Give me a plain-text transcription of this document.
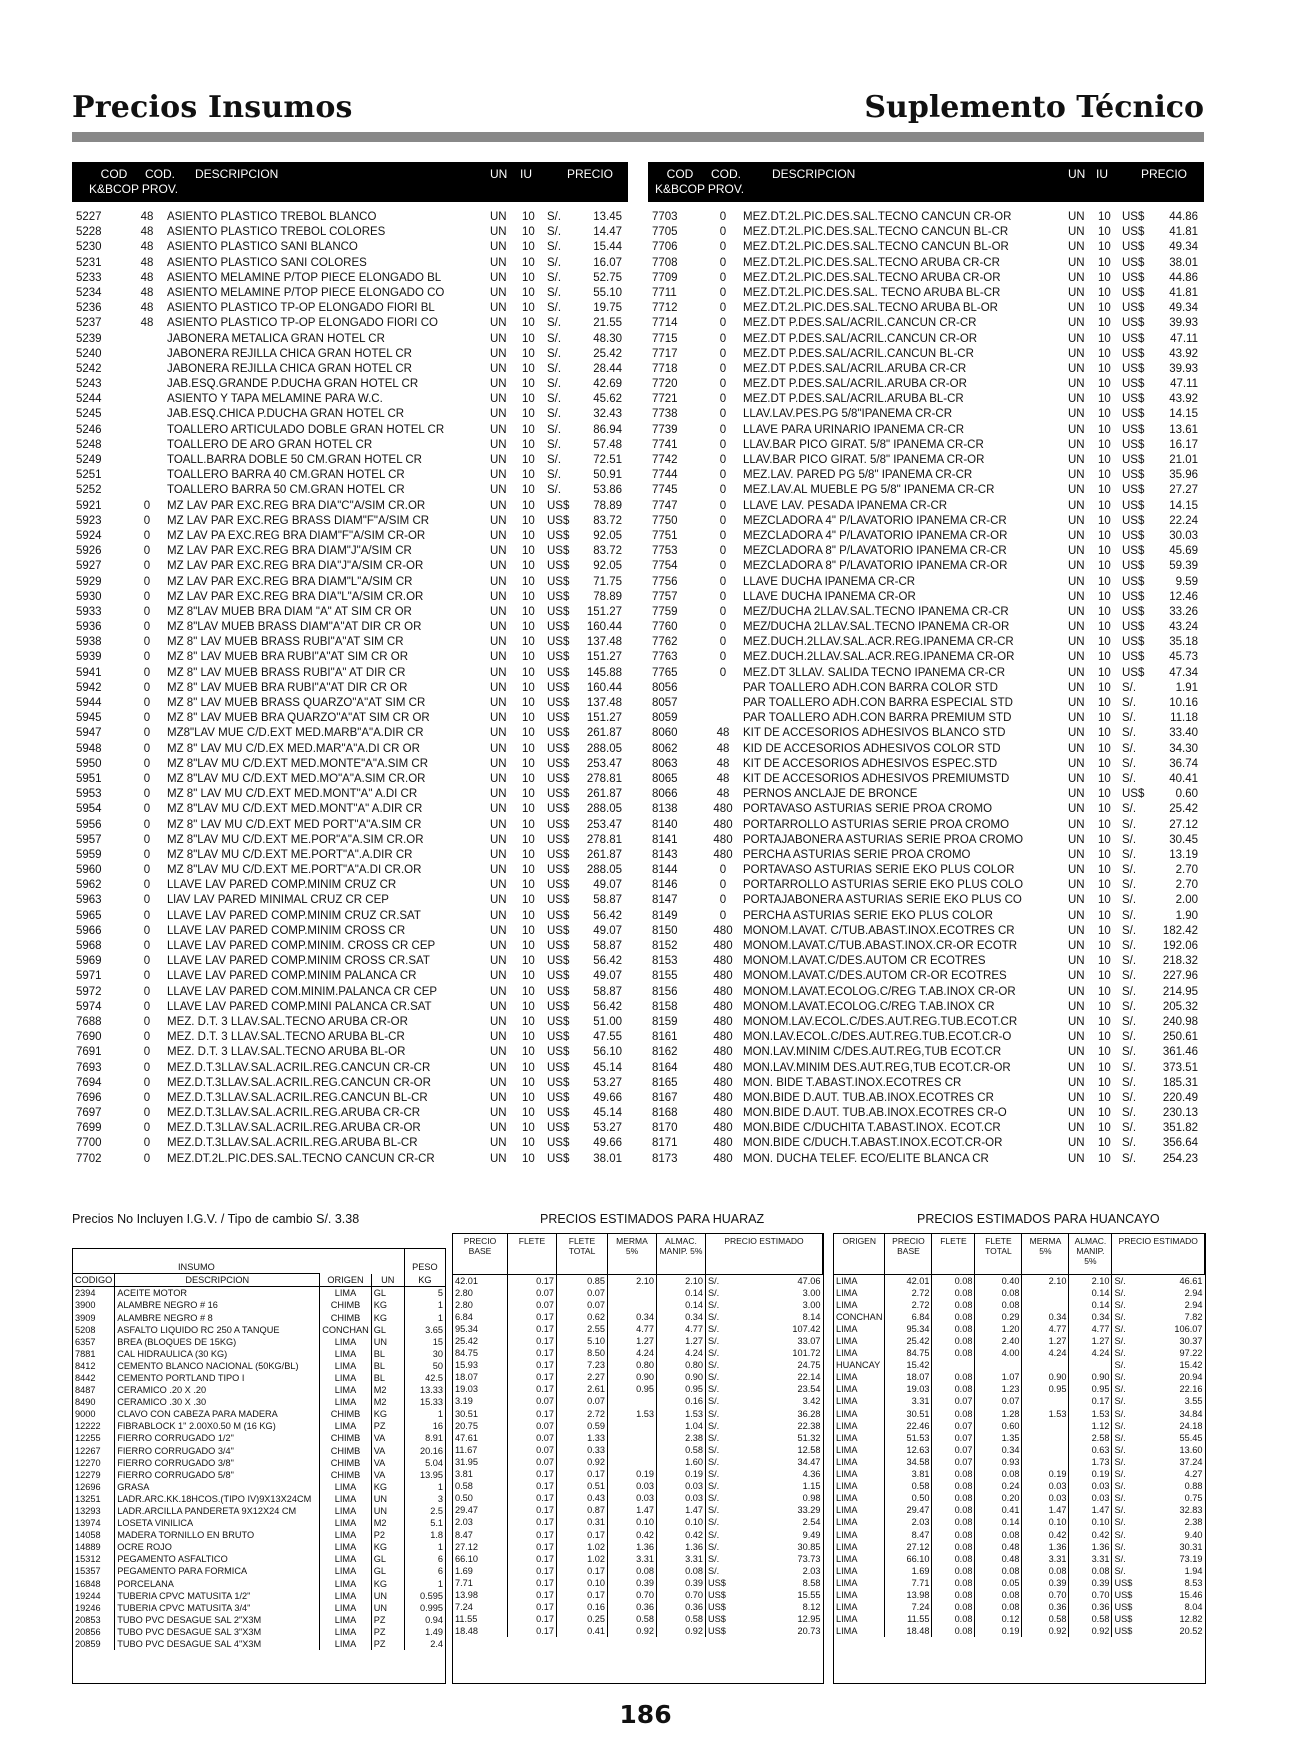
Precios Insumos	Suplemento Técnico
COD
K&BCOP
COD.
PROV.
DESCRIPCION	UN IU	PRECIO
5227	48	ASIENTO PLASTICO TREBOL BLANCO	UN 10 S/.	13.45
5228	48	ASIENTO PLASTICO TREBOL COLORES	UN 10 S/.	14.47
5230	48	ASIENTO PLASTICO SANI BLANCO	UN 10 S/.	15.44
5231	48	ASIENTO PLASTICO SANI COLORES	UN 10 S/.	16.07
5233	48	ASIENTO MELAMINE P/TOP PIECE ELONGADO BL	UN 10 S/.	52.75
5234	48	ASIENTO MELAMINE P/TOP PIECE ELONGADO CO	UN 10 S/.	55.10
5236	48	ASIENTO PLASTICO TP-OP ELONGADO FIORI BL	UN 10 S/.	19.75
5237	48	ASIENTO PLASTICO TP-OP ELONGADO FIORI CO	UN 10 S/.	21.55
5239	JABONERA METALICA GRAN HOTEL CR	UN 10 S/.	48.30
5240	JABONERA REJILLA CHICA GRAN HOTEL CR	UN 10 S/.	25.42
5242	JABONERA REJILLA CHICA GRAN HOTEL CR	UN 10 S/.	28.44
5243	JAB.ESQ.GRANDE P.DUCHA GRAN HOTEL CR	UN 10 S/.	42.69
5244	ASIENTO Y TAPA MELAMINE PARA W.C.	UN 10 S/.	45.62
5245	JAB.ESQ.CHICA P.DUCHA GRAN HOTEL CR	UN 10 S/.	32.43
5246	TOALLERO ARTICULADO DOBLE GRAN HOTEL CR	UN 10 S/.	86.94
5248	TOALLERO DE ARO GRAN HOTEL CR	UN 10 S/.	57.48
5249	TOALL.BARRA DOBLE 50 CM.GRAN HOTEL CR	UN 10 S/.	72.51
5251	TOALLERO BARRA 40 CM.GRAN HOTEL CR	UN 10 S/.	50.91
5252	TOALLERO BARRA 50 CM.GRAN HOTEL CR	UN 10 S/.	53.86
5921	0	MZ LAV PAR EXC.REG BRA DIA"C"A/SIM CR.OR	UN 10 US$	78.89
5923	0	MZ LAV PAR EXC.REG BRASS DIAM"F"A/SIM CR	UN 10 US$	83.72
5924	0	MZ LAV PA EXC.REG BRA DIAM"F"A/SIM CR-OR	UN 10 US$	92.05
5926	0	MZ LAV PAR EXC.REG BRA DIAM"J"A/SIM CR	UN 10 US$	83.72
5927	0	MZ LAV PAR EXC.REG BRA DIA"J"A/SIM CR-OR	UN 10 US$	92.05
5929	0	MZ LAV PAR EXC.REG BRA DIAM"L"A/SIM CR	UN 10 US$	71.75
5930	0	MZ LAV PAR EXC.REG BRA DIA"L"A/SIM CR.OR	UN 10 US$	78.89
5933	0	MZ 8"LAV MUEB BRA DIAM "A" AT SIM CR OR	UN 10 US$	151.27
5936	0	MZ 8"LAV MUEB BRASS DIAM"A"AT DIR CR OR	UN 10 US$	160.44
5938	0	MZ 8" LAV MUEB BRASS RUBI"A"AT SIM CR	UN 10 US$	137.48
5939	0	MZ 8" LAV MUEB BRA RUBI"A"AT SIM CR OR	UN 10 US$	151.27
5941	0	MZ 8" LAV MUEB BRASS RUBI"A" AT DIR CR	UN 10 US$	145.88
5942	0	MZ 8" LAV MUEB BRA RUBI"A"AT DIR CR OR	UN 10 US$	160.44
5944	0	MZ 8" LAV MUEB BRASS QUARZO"A"AT SIM CR	UN 10 US$	137.48
5945	0	MZ 8" LAV MUEB BRA QUARZO"A"AT SIM CR OR	UN 10 US$	151.27
5947	0	MZ8"LAV MUE C/D.EXT MED.MARB"A"A.DIR CR	UN 10 US$	261.87
5948	0	MZ 8" LAV MU C/D.EX MED.MAR"A"A.DI CR OR	UN 10 US$	288.05
5950	0	MZ 8"LAV MU C/D.EXT MED.MONTE"A"A.SIM CR	UN 10 US$	253.47
5951	0	MZ 8"LAV MU C/D.EXT MED.MO"A"A.SIM CR.OR	UN 10 US$	278.81
5953	0	MZ 8" LAV MU C/D.EXT MED.MONT"A" A.DI CR	UN 10 US$	261.87
5954	0	MZ 8"LAV MU C/D.EXT MED.MONT"A" A.DIR CR	UN 10 US$	288.05
5956	0	MZ 8" LAV MU C/D.EXT MED PORT"A"A.SIM CR	UN 10 US$	253.47
5957	0	MZ 8"LAV MU C/D.EXT ME.POR"A"A.SIM CR.OR	UN 10 US$	278.81
5959	0	MZ 8"LAV MU C/D.EXT ME.PORT"A".A.DIR CR	UN 10 US$	261.87
5960	0	MZ 8"LAV MU C/D.EXT ME.PORT"A"A.DI CR.OR	UN 10 US$	288.05
5962	0	LLAVE LAV PARED COMP.MINIM CRUZ CR	UN 10 US$	49.07
5963	0	LlAV LAV PARED MINIMAL CRUZ CR CEP	UN 10 US$	58.87
5965	0	LLAVE LAV PARED COMP.MINIM CRUZ CR.SAT	UN 10 US$	56.42
5966	0	LLAVE LAV PARED COMP.MINIM CROSS CR	UN 10 US$	49.07
5968	0	LLAVE LAV PARED COMP.MINIM. CROSS CR CEP	UN 10 US$	58.87
5969	0	LLAVE LAV PARED COMP.MINIM CROSS CR.SAT	UN 10 US$	56.42
5971	0	LLAVE LAV PARED COMP.MINIM PALANCA CR	UN 10 US$	49.07
5972	0	LLAVE LAV PARED COM.MINIM.PALANCA CR CEP	UN 10 US$	58.87
5974	0	LLAVE LAV PARED COMP.MINI PALANCA CR.SAT	UN 10 US$	56.42
7688	0	MEZ. D.T. 3 LLAV.SAL.TECNO ARUBA CR-OR	UN 10 US$	51.00
7690	0	MEZ. D.T. 3 LLAV.SAL.TECNO ARUBA BL-CR	UN 10 US$	47.55
7691	0	MEZ. D.T. 3 LLAV.SAL.TECNO ARUBA BL-OR	UN 10 US$	56.10
7693	0	MEZ.D.T.3LLAV.SAL.ACRIL.REG.CANCUN CR-CR	UN 10 US$	45.14
7694	0	MEZ.D.T.3LLAV.SAL.ACRIL.REG.CANCUN CR-OR	UN 10 US$	53.27
7696	0	MEZ.D.T.3LLAV.SAL.ACRIL.REG.CANCUN BL-CR	UN 10 US$	49.66
7697	0	MEZ.D.T.3LLAV.SAL.ACRIL.REG.ARUBA CR-CR	UN 10 US$	45.14
7699	0	MEZ.D.T.3LLAV.SAL.ACRIL.REG.ARUBA CR-OR	UN 10 US$	53.27
7700	0	MEZ.D.T.3LLAV.SAL.ACRIL.REG.ARUBA BL-CR	UN 10 US$	49.66
7702	0	MEZ.DT.2L.PIC.DES.SAL.TECNO CANCUN CR-CR	UN 10 US$	38.01
COD
K&BCOP
COD.
PROV.
DESCRIPCION	UN IU	PRECIO
7703	0	MEZ.DT.2L.PIC.DES.SAL.TECNO CANCUN CR-OR	UN 10 US$	44.86
7705	0	MEZ.DT.2L.PIC.DES.SAL.TECNO CANCUN BL-CR	UN 10 US$	41.81
7706	0	MEZ.DT.2L.PIC.DES.SAL.TECNO CANCUN BL-OR	UN 10 US$	49.34
7708	0	MEZ.DT.2L.PIC.DES.SAL.TECNO ARUBA CR-CR	UN 10 US$	38.01
7709	0	MEZ.DT.2L.PIC.DES.SAL.TECNO ARUBA CR-OR	UN 10 US$	44.86
7711	0	MEZ.DT.2L.PIC.DES.SAL. TECNO ARUBA BL-CR	UN 10 US$	41.81
7712	0	MEZ.DT.2L.PIC.DES.SAL.TECNO ARUBA BL-OR	UN 10 US$	49.34
7714	0	MEZ.DT P.DES.SAL/ACRIL.CANCUN CR-CR	UN 10 US$	39.93
7715	0	MEZ.DT P.DES.SAL/ACRIL.CANCUN CR-OR	UN 10 US$	47.11
7717	0	MEZ.DT P.DES.SAL/ACRIL.CANCUN BL-CR	UN 10 US$	43.92
7718	0	MEZ.DT P.DES.SAL/ACRIL.ARUBA CR-CR	UN 10 US$	39.93
7720	0	MEZ.DT P.DES.SAL/ACRIL.ARUBA CR-OR	UN 10 US$	47.11
7721	0	MEZ.DT P.DES.SAL/ACRIL.ARUBA BL-CR	UN 10 US$	43.92
7738	0	LLAV.LAV.PES.PG 5/8"IPANEMA CR-CR	UN 10 US$	14.15
7739	0	LLAVE PARA URINARIO IPANEMA CR-CR	UN 10 US$	13.61
7741	0	LLAV.BAR PICO GIRAT. 5/8" IPANEMA CR-CR	UN 10 US$	16.17
7742	0	LLAV.BAR PICO GIRAT. 5/8" IPANEMA CR-OR	UN 10 US$	21.01
7744	0	MEZ.LAV. PARED PG 5/8" IPANEMA CR-CR	UN 10 US$	35.96
7745	0	MEZ.LAV.AL MUEBLE PG 5/8" IPANEMA CR-CR	UN 10 US$	27.27
7747	0	LLAVE LAV. PESADA IPANEMA CR-CR	UN 10 US$	14.15
7750	0	MEZCLADORA 4" P/LAVATORIO IPANEMA CR-CR	UN 10 US$	22.24
7751	0	MEZCLADORA 4" P/LAVATORIO IPANEMA CR-OR	UN 10 US$	30.03
7753	0	MEZCLADORA 8" P/LAVATORIO IPANEMA CR-CR	UN 10 US$	45.69
7754	0	MEZCLADORA 8" P/LAVATORIO IPANEMA CR-OR	UN 10 US$	59.39
7756	0	LLAVE DUCHA IPANEMA CR-CR	UN 10 US$	9.59
7757	0	LLAVE DUCHA IPANEMA CR-OR	UN 10 US$	12.46
7759	0	MEZ/DUCHA 2LLAV.SAL.TECNO IPANEMA CR-CR	UN 10 US$	33.26
7760	0	MEZ/DUCHA 2LLAV.SAL.TECNO IPANEMA CR-OR	UN 10 US$	43.24
7762	0	MEZ.DUCH.2LLAV.SAL.ACR.REG.IPANEMA CR-CR	UN 10 US$	35.18
7763	0	MEZ.DUCH.2LLAV.SAL.ACR.REG.IPANEMA CR-OR	UN 10 US$	45.73
7765	0	MEZ.DT 3LLAV. SALIDA TECNO IPANEMA CR-CR	UN 10 US$	47.34
8056	PAR TOALLERO ADH.CON BARRA COLOR STD	UN 10 S/.	1.91
8057	PAR TOALLERO ADH.CON BARRA ESPECIAL STD	UN 10 S/.	10.16
8059	PAR TOALLERO ADH.CON BARRA PREMIUM STD	UN 10 S/.	11.18
8060	48	KIT DE ACCESORIOS ADHESIVOS BLANCO STD	UN 10 S/.	33.40
8062	48	KID DE ACCESORIOS ADHESIVOS COLOR STD	UN 10 S/.	34.30
8063	48	KIT DE ACCESORIOS ADHESIVOS ESPEC.STD	UN 10 S/.	36.74
8065	48	KIT DE ACCESORIOS ADHESIVOS PREMIUMSTD	UN 10 S/.	40.41
8066	48	PERNOS ANCLAJE DE BRONCE	UN 10 US$	0.60
8138	480 PORTAVASO ASTURIAS SERIE PROA CROMO	UN 10 S/.	25.42
8140	480 PORTARROLLO ASTURIAS SERIE PROA CROMO	UN 10 S/.	27.12
8141	480 PORTAJABONERA ASTURIAS SERIE PROA CROMO	UN 10 S/.	30.45
8143	480 PERCHA ASTURIAS SERIE PROA CROMO	UN 10 S/.	13.19
8144	0	PORTAVASO ASTURIAS SERIE EKO PLUS COLOR	UN 10 S/.	2.70
8146	0	PORTARROLLO ASTURIAS SERIE EKO PLUS COLO	UN 10 S/.	2.70
8147	0	PORTAJABONERA ASTURIAS SERIE EKO PLUS CO	UN 10 S/.	2.00
8149	0	PERCHA ASTURIAS SERIE EKO PLUS COLOR	UN 10 S/.	1.90
8150	480 MONOM.LAVAT. C/TUB.ABAST.INOX.ECOTRES CR	UN 10 S/.	182.42
8152	480 MONOM.LAVAT.C/TUB.ABAST.INOX.CR-OR ECOTR	UN 10 S/.	192.06
8153	480 MONOM.LAVAT.C/DES.AUTOM CR ECOTRES	UN 10 S/.	218.32
8155	480 MONOM.LAVAT.C/DES.AUTOM CR-OR ECOTRES	UN 10 S/.	227.96
8156	480 MONOM.LAVAT.ECOLOG.C/REG T.AB.INOX CR-OR	UN 10 S/.	214.95
8158	480 MONOM.LAVAT.ECOLOG.C/REG T.AB.INOX CR	UN 10 S/.	205.32
8159	480 MONOM.LAV.ECOL.C/DES.AUT.REG.TUB.ECOT.CR	UN 10 S/.	240.98
8161	480 MON.LAV.ECOL.C/DES.AUT.REG.TUB.ECOT.CR-O	UN 10 S/.	250.61
8162	480 MON.LAV.MINIM C/DES.AUT.REG,TUB ECOT.CR	UN 10 S/.	361.46
8164	480 MON.LAV.MINIM DES.AUT.REG,TUB ECOT.CR-OR	UN 10 S/.	373.51
8165	480 MON. BIDE T.ABAST.INOX.ECOTRES CR	UN 10 S/.	185.31
8167	480 MON.BIDE D.AUT. TUB.AB.INOX.ECOTRES CR	UN 10 S/.	220.49
8168	480 MON.BIDE D.AUT. TUB.AB.INOX.ECOTRES CR-O	UN 10 S/.	230.13
8170	480 MON.BIDE C/DUCHITA T.ABAST.INOX. ECOT.CR	UN 10 S/.	351.82
8171	480 MON.BIDE C/DUCH.T.ABAST.INOX.ECOT.CR-OR	UN 10 S/.	356.64
8173	480 MON. DUCHA TELEF. ECO/ELITE BLANCA CR	UN 10 S/.	254.23
Precios No Incluyen I.G.V. / Tipo de cambio S/. 3.38	PRECIOS ESTIMADOS PARA HUARAZ	PRECIOS ESTIMADOS PARA HUANCAYO

INSUMO				PESO
CODIGO	DESCRIPCION	ORIGEN	UN	KG
2394	ACEITE MOTOR	LIMA	GL	5
3900	ALAMBRE NEGRO # 16	CHIMB	KG	1
3909	ALAMBRE NEGRO # 8	CHIMB	KG	1
5208	ASFALTO LIQUIDO RC 250 A TANQUE	CONCHAN	GL	3.65
6357	BREA (BLOQUES DE 15KG)	LIMA	UN	15
7881	CAL HIDRAULICA (30 KG)	LIMA	BL	30
8412	CEMENTO BLANCO NACIONAL (50KG/BL)	LIMA	BL	50
8442	CEMENTO PORTLAND TIPO I	LIMA	BL	42.5
8487	CERAMICO .20 X .20	LIMA	M2	13.33
8490	CERAMICO .30 X .30	LIMA	M2	15.33
9000	CLAVO CON CABEZA PARA MADERA	CHIMB	KG	1
12222	FIBRABLOCK 1" 2.00X0.50 M (16 KG)	LIMA	PZ	16
12255	FIERRO CORRUGADO 1/2"	CHIMB	VA	8.91
12267	FIERRO CORRUGADO 3/4"	CHIMB	VA	20.16
12270	FIERRO CORRUGADO 3/8"	CHIMB	VA	5.04
12279	FIERRO CORRUGADO 5/8"	CHIMB	VA	13.95
12696	GRASA	LIMA	KG	1
13251	LADR.ARC.KK.18HCOS.(TIPO IV)9X13X24CM	LIMA	UN	3
13293	LADR.ARCILLA PANDERETA 9X12X24 CM	LIMA	UN	2.5
13974	LOSETA VINILICA	LIMA	M2	5.1
14058	MADERA TORNILLO EN BRUTO	LIMA	P2	1.8
14889	OCRE ROJO	LIMA	KG	1
15312	PEGAMENTO ASFALTICO	LIMA	GL	6
15357	PEGAMENTO PARA FORMICA	LIMA	GL	6
16848	PORCELANA	LIMA	KG	1
19244	TUBERIA CPVC MATUSITA 1/2"	LIMA	UN	0.595
19246	TUBERIA CPVC MATUSITA 3/4"	LIMA	UN	0.995
20853	TUBO PVC DESAGUE SAL 2"X3M	LIMA	PZ	0.94
20856	TUBO PVC DESAGUE SAL 3"X3M	LIMA	PZ	1.49
20859	TUBO PVC DESAGUE SAL 4"X3M	LIMA	PZ	2.4
PRECIO BASE	FLETE	FLETE TOTAL	MERMA 5%	ALMAC. MANIP. 5%	PRECIO ESTIMADO	
42.01	0.17	0.85	2.10	2.10	S/.	47.06
2.80	0.07	0.07		0.14	S/.	3.00
2.80	0.07	0.07		0.14	S/.	3.00
6.84	0.17	0.62	0.34	0.34	S/.	8.14
95.34	0.17	2.55	4.77	4.77	S/.	107.42
25.42	0.17	5.10	1.27	1.27	S/.	33.07
84.75	0.17	8.50	4.24	4.24	S/.	101.72
15.93	0.17	7.23	0.80	0.80	S/.	24.75
18.07	0.17	2.27	0.90	0.90	S/.	22.14
19.03	0.17	2.61	0.95	0.95	S/.	23.54
3.19	0.07	0.07		0.16	S/.	3.42
30.51	0.17	2.72	1.53	1.53	S/.	36.28
20.75	0.07	0.59		1.04	S/.	22.38
47.61	0.07	1.33		2.38	S/.	51.32
11.67	0.07	0.33		0.58	S/.	12.58
31.95	0.07	0.92		1.60	S/.	34.47
3.81	0.17	0.17	0.19	0.19	S/.	4.36
0.58	0.17	0.51	0.03	0.03	S/.	1.15
0.50	0.17	0.43	0.03	0.03	S/.	0.98
29.47	0.17	0.87	1.47	1.47	S/.	33.29
2.03	0.17	0.31	0.10	0.10	S/.	2.54
8.47	0.17	0.17	0.42	0.42	S/.	9.49
27.12	0.17	1.02	1.36	1.36	S/.	30.85
66.10	0.17	1.02	3.31	3.31	S/.	73.73
1.69	0.17	0.17	0.08	0.08	S/.	2.03
7.71	0.17	0.10	0.39	0.39	US$	8.58
13.98	0.17	0.17	0.70	0.70	US$	15.55
7.24	0.17	0.16	0.36	0.36	US$	8.12
11.55	0.17	0.25	0.58	0.58	US$	12.95
18.48	0.17	0.41	0.92	0.92	US$	20.73
ORIGEN	PRECIO BASE	FLETE	FLETE TOTAL	MERMA 5%	ALMAC. MANIP. 5%	PRECIO ESTIMADO	
LIMA	42.01	0.08	0.40	2.10	2.10	S/.	46.61
LIMA	2.72	0.08	0.08		0.14	S/.	2.94
LIMA	2.72	0.08	0.08		0.14	S/.	2.94
CONCHAN	6.84	0.08	0.29	0.34	0.34	S/.	7.82
LIMA	95.34	0.08	1.20	4.77	4.77	S/.	106.07
LIMA	25.42	0.08	2.40	1.27	1.27	S/.	30.37
LIMA	84.75	0.08	4.00	4.24	4.24	S/.	97.22
HUANCAY	15.42					S/.	15.42
LIMA	18.07	0.08	1.07	0.90	0.90	S/.	20.94
LIMA	19.03	0.08	1.23	0.95	0.95	S/.	22.16
LIMA	3.31	0.07	0.07		0.17	S/.	3.55
LIMA	30.51	0.08	1.28	1.53	1.53	S/.	34.84
LIMA	22.46	0.07	0.60		1.12	S/.	24.18
LIMA	51.53	0.07	1.35		2.58	S/.	55.45
LIMA	12.63	0.07	0.34		0.63	S/.	13.60
LIMA	34.58	0.07	0.93		1.73	S/.	37.24
LIMA	3.81	0.08	0.08	0.19	0.19	S/.	4.27
LIMA	0.58	0.08	0.24	0.03	0.03	S/.	0.88
LIMA	0.50	0.08	0.20	0.03	0.03	S/.	0.75
LIMA	29.47	0.08	0.41	1.47	1.47	S/.	32.83
LIMA	2.03	0.08	0.14	0.10	0.10	S/.	2.38
LIMA	8.47	0.08	0.08	0.42	0.42	S/.	9.40
LIMA	27.12	0.08	0.48	1.36	1.36	S/.	30.31
LIMA	66.10	0.08	0.48	3.31	3.31	S/.	73.19
LIMA	1.69	0.08	0.08	0.08	0.08	S/.	1.94
LIMA	7.71	0.08	0.05	0.39	0.39	US$	8.53
LIMA	13.98	0.08	0.08	0.70	0.70	US$	15.46
LIMA	7.24	0.08	0.08	0.36	0.36	US$	8.04
LIMA	11.55	0.08	0.12	0.58	0.58	US$	12.82
LIMA	18.48	0.08	0.19	0.92	0.92	US$	20.52
186
